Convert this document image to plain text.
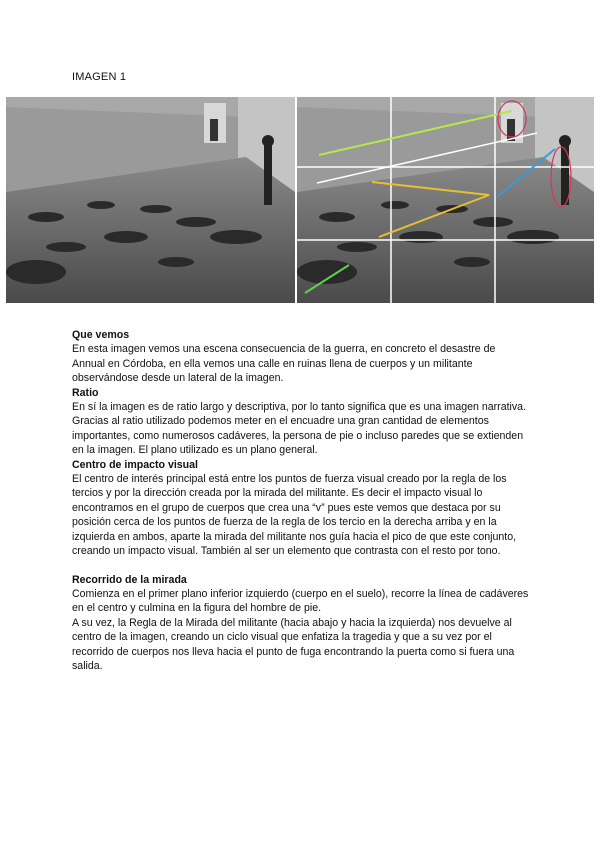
IMAGEN 1
Que vemos

En esta imagen vemos una escena consecuencia de la guerra, en concreto el desastre de Annual en Córdoba, en ella vemos una calle en ruinas llena de cuerpos y un militante observándose desde un lateral de la imagen.

Ratio

En sí la imagen es de ratio largo y descriptiva, por lo tanto significa que es una imagen narrativa. Gracias al ratio utilizado podemos meter en el encuadre una gran cantidad de elementos importantes, como numerosos cadáveres, la persona de pie o incluso paredes que se extienden en la imagen. El plano utilizado es un plano general.

Centro de impacto visual

El centro de interés principal está entre los puntos de fuerza visual creado por la regla de los tercios y por la dirección creada por la mirada del militante. Es decir el impacto visual lo encontramos en el grupo de cuerpos que crea una “v” pues este vemos que destaca por su posición cerca de los puntos de fuerza de la regla de los tercio en la derecha arriba y en la izquierda en ambos, aparte la mirada del militante nos guía hacia el pico de que este conjunto, creando un impacto visual. También al ser un elemento que contrasta con el resto por tono.

Recorrido de la mirada

Comienza en el primer plano inferior izquierdo (cuerpo en el suelo), recorre la línea de cadáveres en el centro y culmina en la figura del hombre de pie.

A su vez, la Regla de la Mirada del militante (hacia abajo y hacia la izquierda) nos devuelve al centro de la imagen, creando un ciclo visual que enfatiza la tragedia y que a su vez por el recorrido de cuerpos nos lleva hacia el punto de fuga encontrando la puerta como si fuera una salida.
